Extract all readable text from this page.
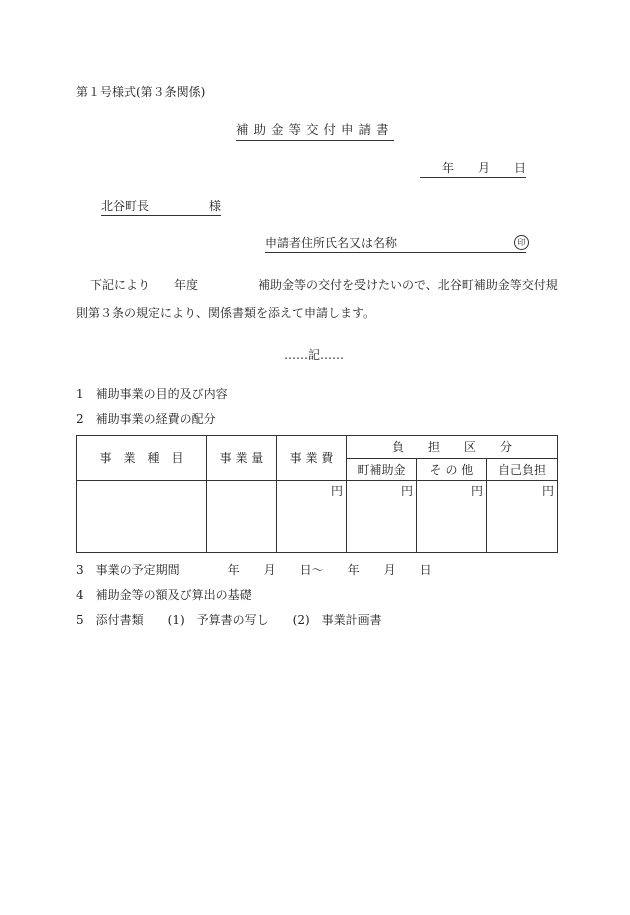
第１号様式(第３条関係)
補助金等交付申請書
年　　月　　日
北谷町長　　　　　様
申請者住所氏名又は名称	印
下記により　　年度　　　　　補助金等の交付を受けたいので、北谷町補助金等交付規
則第３条の規定により、関係書類を添えて申請します。
……記……
1　補助事業の目的及び内容
2　補助事業の経費の配分
事　業　種　目	事 業 量	事 業 費	負　　担　　区　　分		
			町補助金	そ の 他	自己負担
		円	円	円	円
3　事業の予定期間　　　　年　　月　　日～　　年　　月　　日
4　補助金等の額及び算出の基礎
5　添付書類　　(1)　予算書の写し　　(2)　事業計画書
